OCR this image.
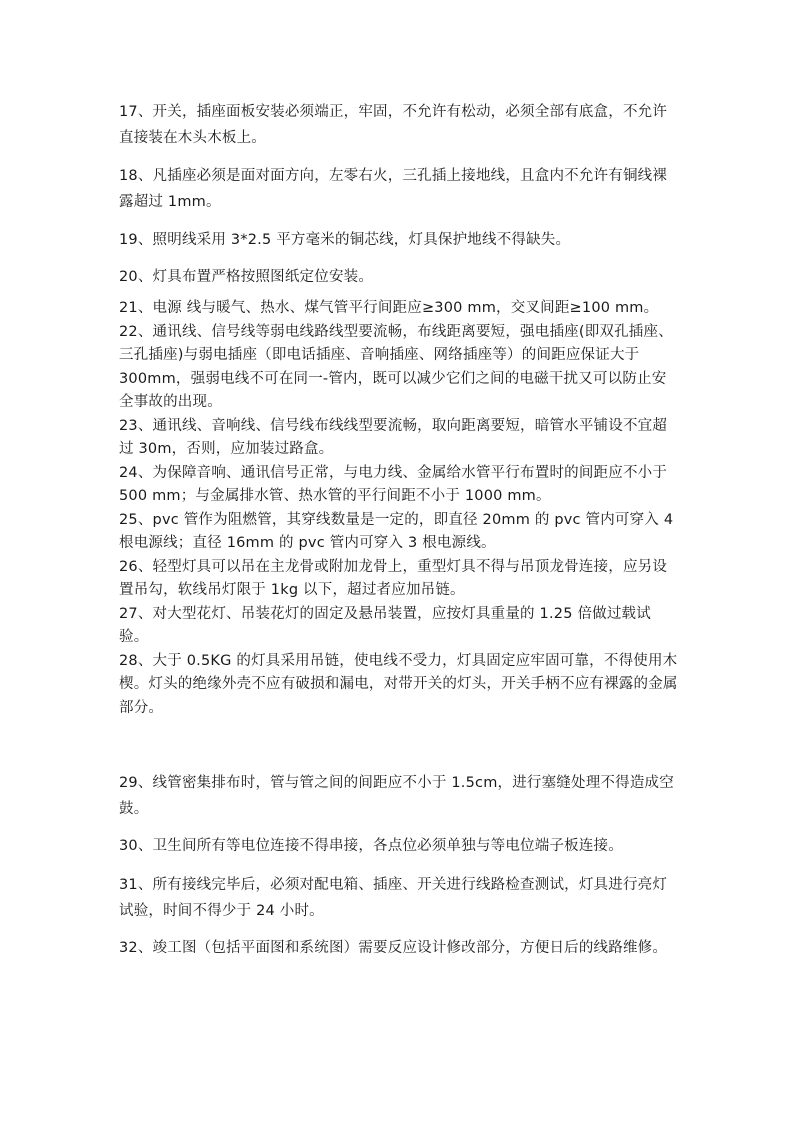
17、开关，插座面板安装必须端正，牢固，不允许有松动，必须全部有底盒，不允许直接装在木头木板上。

18、凡插座必须是面对面方向，左零右火，三孔插上接地线，且盒内不允许有铜线裸露超过 1mm。

19、照明线采用 3*2.5 平方毫米的铜芯线，灯具保护地线不得缺失。

20、灯具布置严格按照图纸定位安装。

21、电源 线与暖气、热水、煤气管平行间距应≥300 mm，交叉间距≥100 mm。
22、通讯线、信号线等弱电线路线型要流畅，布线距离要短，强电插座(即双孔插座、 三孔插座)与弱电插座（即电话插座、音响插座、网络插座等）的间距应保证大于 300mm，强弱电线不可在同一-管内，既可以减少它们之间的电磁干扰又可以防止安全事故的出现。
23、通讯线、音响线、信号线布线线型要流畅，取向距离要短，暗管水平铺设不宜超过 30m，否则，应加装过路盒。
24、为保障音响、通讯信号正常，与电力线、金属给水管平行布置时的间距应不小于 500 mm；与金属排水管、热水管的平行间距不小于 1000 mm。
25、pvc 管作为阻燃管，其穿线数量是一定的，即直径 20mm 的 pvc 管内可穿入 4 根电源线；直径 16mm 的 pvc 管内可穿入 3 根电源线。
26、轻型灯具可以吊在主龙骨或附加龙骨上，重型灯具不得与吊顶龙骨连接，应另设置吊勾，软线吊灯限于 1kg 以下，超过者应加吊链。
27、对大型花灯、吊装花灯的固定及悬吊装置，应按灯具重量的 1.25 倍做过载试验。
28、大于 0.5KG 的灯具采用吊链，使电线不受力，灯具固定应牢固可靠，不得使用木楔。灯头的绝缘外壳不应有破损和漏电，对带开关的灯头，开关手柄不应有裸露的金属部分。

29、线管密集排布时，管与管之间的间距应不小于 1.5cm，进行塞缝处理不得造成空鼓。

30、卫生间所有等电位连接不得串接，各点位必须单独与等电位端子板连接。

31、所有接线完毕后，必须对配电箱、插座、开关进行线路检查测试，灯具进行亮灯试验，时间不得少于 24 小时。

32、竣工图（包括平面图和系统图）需要反应设计修改部分，方便日后的线路维修。
